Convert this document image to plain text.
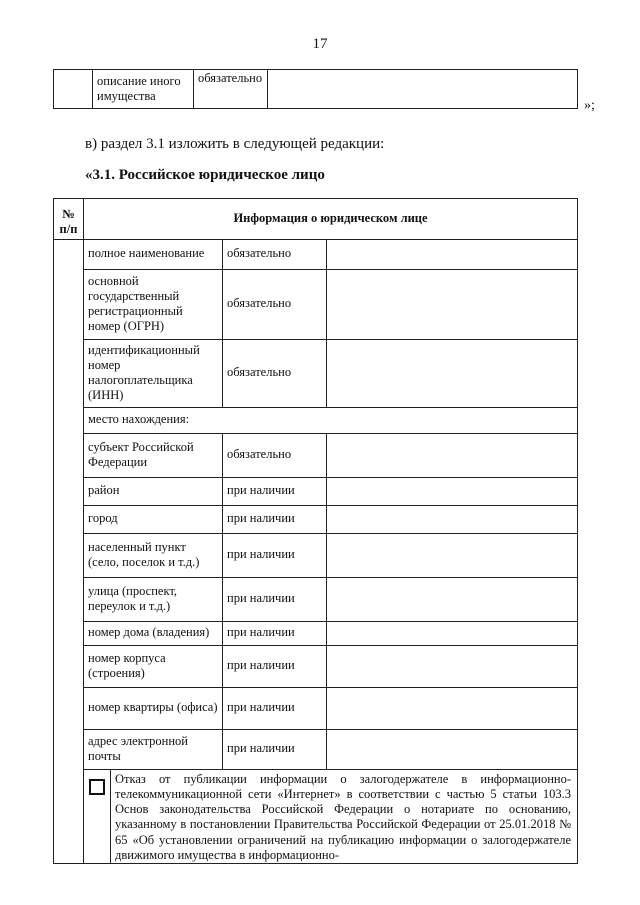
17
	описание иного имущества	обязательно	
»;
в) раздел 3.1 изложить в следующей редакции:
«3.1. Российское юридическое лицо
№ п/п	Информация о юридическом лице
	полное наименование	обязательно	
основной государственный регистрационный номер (ОГРН)	обязательно	
идентификационный номер налогоплательщика (ИНН)	обязательно	
место нахождения:
субъект Российской Федерации	обязательно	
район	при наличии	
город	при наличии	
населенный пункт (село, поселок и т.д.)	при наличии	
улица (проспект, переулок и т.д.)	при наличии	
номер дома (владения)	при наличии	
номер корпуса (строения)	при наличии	
номер квартиры (офиса)	при наличии	
адрес электронной почты	при наличии	

	Отказ от публикации информации о залогодержателе в информационно-телекоммуникационной сети «Интернет» в соответствии с частью 5 статьи 103.3 Основ законодательства Российской Федерации о нотариате по основанию, указанному в постановлении Правительства Российской Федерации от 25.01.2018 № 65 «Об установлении ограничений на публикацию информации о залогодержателе движимого имущества в информационно-
